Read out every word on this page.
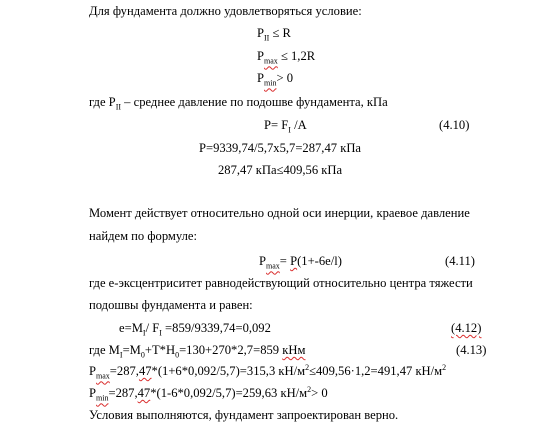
Для фундамента должно удовлетворяться условие:
$P_{II} \le R$
$P_{max} \le 1,2R$
$P_{min}> 0$
где $P_{II}$ – среднее давление по подошве фундамента, кПа
$P= F_I$ /A	(4.10)
P=9339,74/5,7x5,7=287,47 кПа
287,47 кПа≤409,56 кПа
Момент действует относительно одной оси инерции, краевое давление
найдем по формуле:
$P_{max}= P(1+-6e/l)$	(4.11)
где е-эксцентриситет равнодействующий относительно центра тяжести
подошвы фундамента и равен:
$e=M_I/$ $F_I =859/9339,74=0,092$	(4.12)
где $M_I=M_0+T*H_0=130+270*2,7=859$ кНм	(4.13)
$P_{max}=287,47*(1+6*0,092/5,7)=315,3$ $кН/м^2\le 409,56\cdot 1,2=491,47$ $кН/м^2$
$P_{min}=287,47*(1-6*0,092/5,7)=259,63$ $кН/м^2> 0$
Условия выполняются, фундамент запроектирован верно.
